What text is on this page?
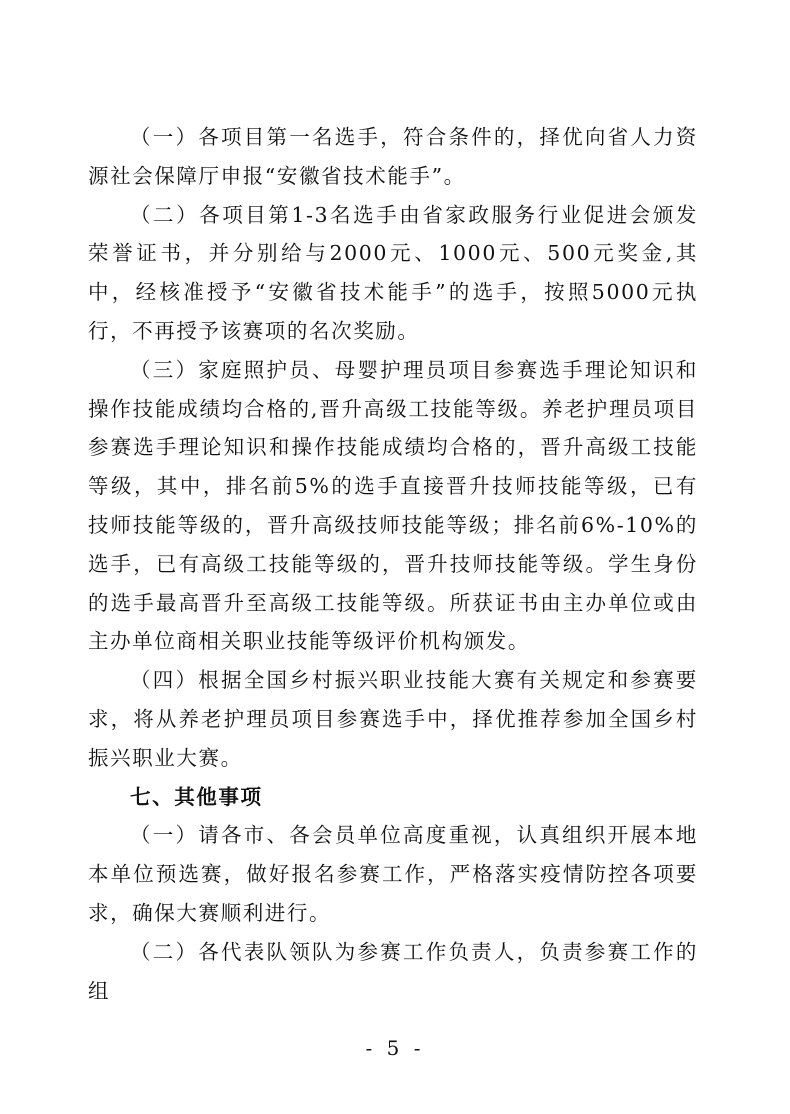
（一）各项目第一名选手，符合条件的，择优向省人力资源社会保障厅申报“安徽省技术能手”。

（二）各项目第1-3名选手由省家政服务行业促进会颁发荣誉证书，并分别给与2000元、1000元、500元奖金,其中，经核准授予“安徽省技术能手”的选手，按照5000元执行，不再授予该赛项的名次奖励。

（三）家庭照护员、母婴护理员项目参赛选手理论知识和操作技能成绩均合格的,晋升高级工技能等级。养老护理员项目参赛选手理论知识和操作技能成绩均合格的，晋升高级工技能等级，其中，排名前5%的选手直接晋升技师技能等级，已有技师技能等级的，晋升高级技师技能等级；排名前6%-10%的选手，已有高级工技能等级的，晋升技师技能等级。学生身份的选手最高晋升至高级工技能等级。所获证书由主办单位或由主办单位商相关职业技能等级评价机构颁发。

（四）根据全国乡村振兴职业技能大赛有关规定和参赛要求，将从养老护理员项目参赛选手中，择优推荐参加全国乡村振兴职业大赛。

七、其他事项

（一）请各市、各会员单位高度重视，认真组织开展本地本单位预选赛，做好报名参赛工作，严格落实疫情防控各项要求，确保大赛顺利进行。

（二）各代表队领队为参赛工作负责人，负责参赛工作的组

- 5 -
